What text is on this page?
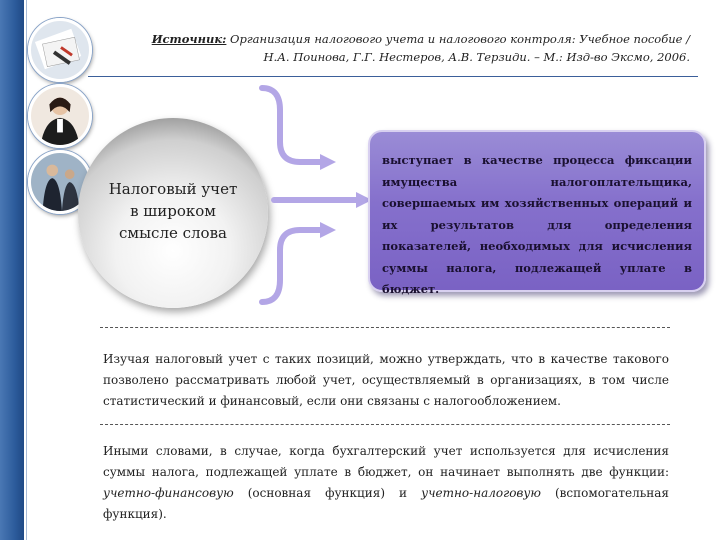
Источник: Организация налогового учета и налогового контроля: Учебное пособие /
Н.А. Поинова, Г.Г. Нестеров, А.В. Терзиди. – М.: Изд-во Эксмо, 2006.
Налоговый учет
в широком
смысле слова
выступает в качестве процесса фиксации имущества налогоплательщика, совершаемых им хозяйственных операций и их результатов для определения показателей, необходимых для исчисления суммы налога, подлежащей уплате в бюджет.
Изучая налоговый учет с таких позиций, можно утверждать, что в качестве такового позволено рассматривать любой учет, осуществляемый в организациях, в том числе статистический и финансовый, если они связаны с налогообложением.
Иными словами, в случае, когда бухгалтерский учет используется для исчисления суммы налога, подлежащей уплате в бюджет, он начинает выполнять две функции: учетно-финансовую (основная функция) и учетно-налоговую (вспомогательная функция).
